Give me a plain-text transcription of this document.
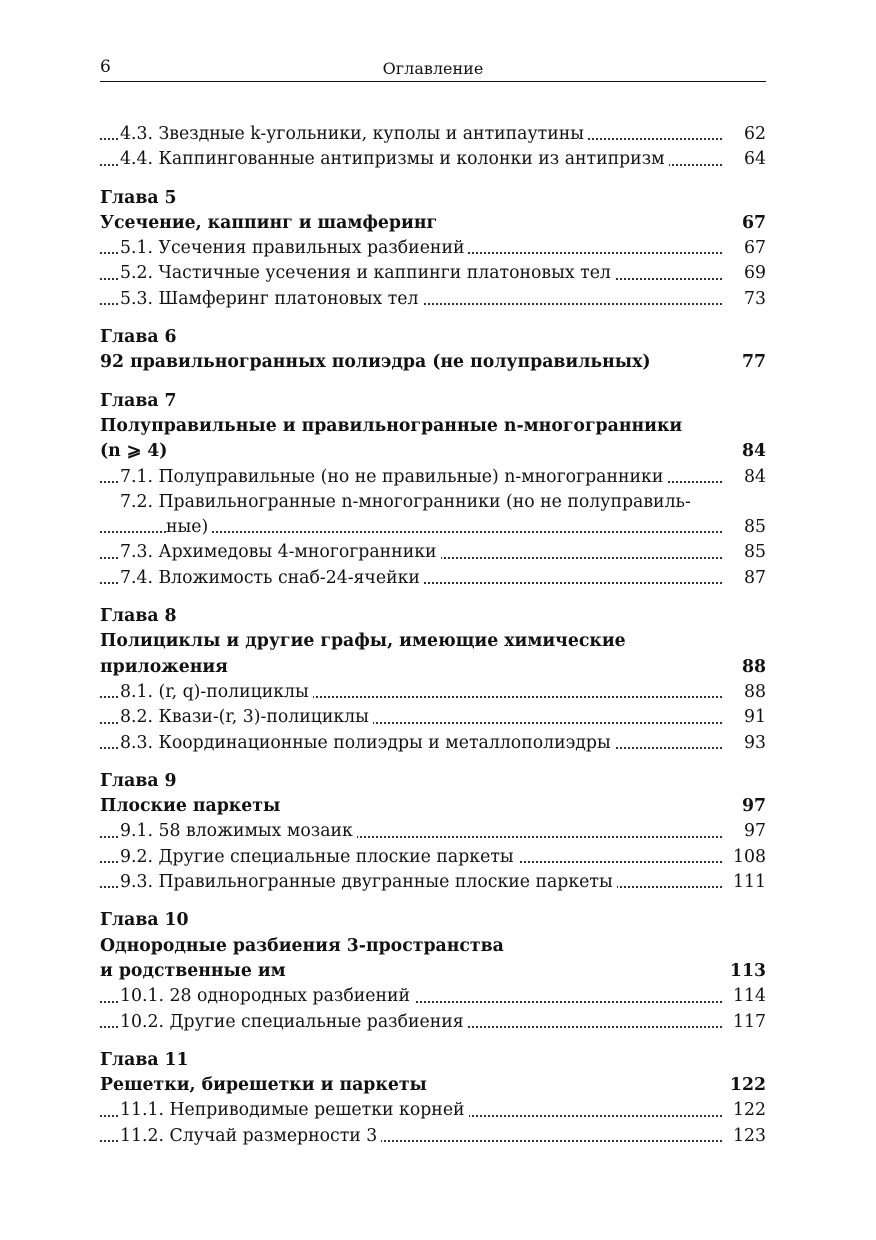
6	Оглавление
4.3. Звездные k-угольники, куполы и антипаутины	62
4.4. Каппингованные антипризмы и колонки из антипризм	64
Глава 5
Усечение, каппинг и шамферинг	67
5.1. Усечения правильных разбиений	67
5.2. Частичные усечения и каппинги платоновых тел	69
5.3. Шамферинг платоновых тел	73
Глава 6
92 правильногранных полиэдра (не полуправильных)	77
Глава 7
Полуправильные и правильногранные n-многогранники
(n ⩾ 4)	84
7.1. Полуправильные (но не правильные) n-многогранники	84
7.2. Правильногранные n-многогранники (но не полуправиль-
ные)	85
7.3. Архимедовы 4-многогранники	85
7.4. Вложимость снаб-24-ячейки	87
Глава 8
Полициклы и другие графы, имеющие химические
приложения	88
8.1. (r, q)-полициклы	88
8.2. Квази-(r, 3)-полициклы	91
8.3. Координационные полиэдры и металлополиэдры	93
Глава 9
Плоские паркеты	97
9.1. 58 вложимых мозаик	97
9.2. Другие специальные плоские паркеты	108
9.3. Правильногранные двугранные плоские паркеты	111
Глава 10
Однородные разбиения 3-пространства
и родственные им	113
10.1. 28 однородных разбиений	114
10.2. Другие специальные разбиения	117
Глава 11
Решетки, бирешетки и паркеты	122
11.1. Неприводимые решетки корней	122
11.2. Случай размерности 3	123
